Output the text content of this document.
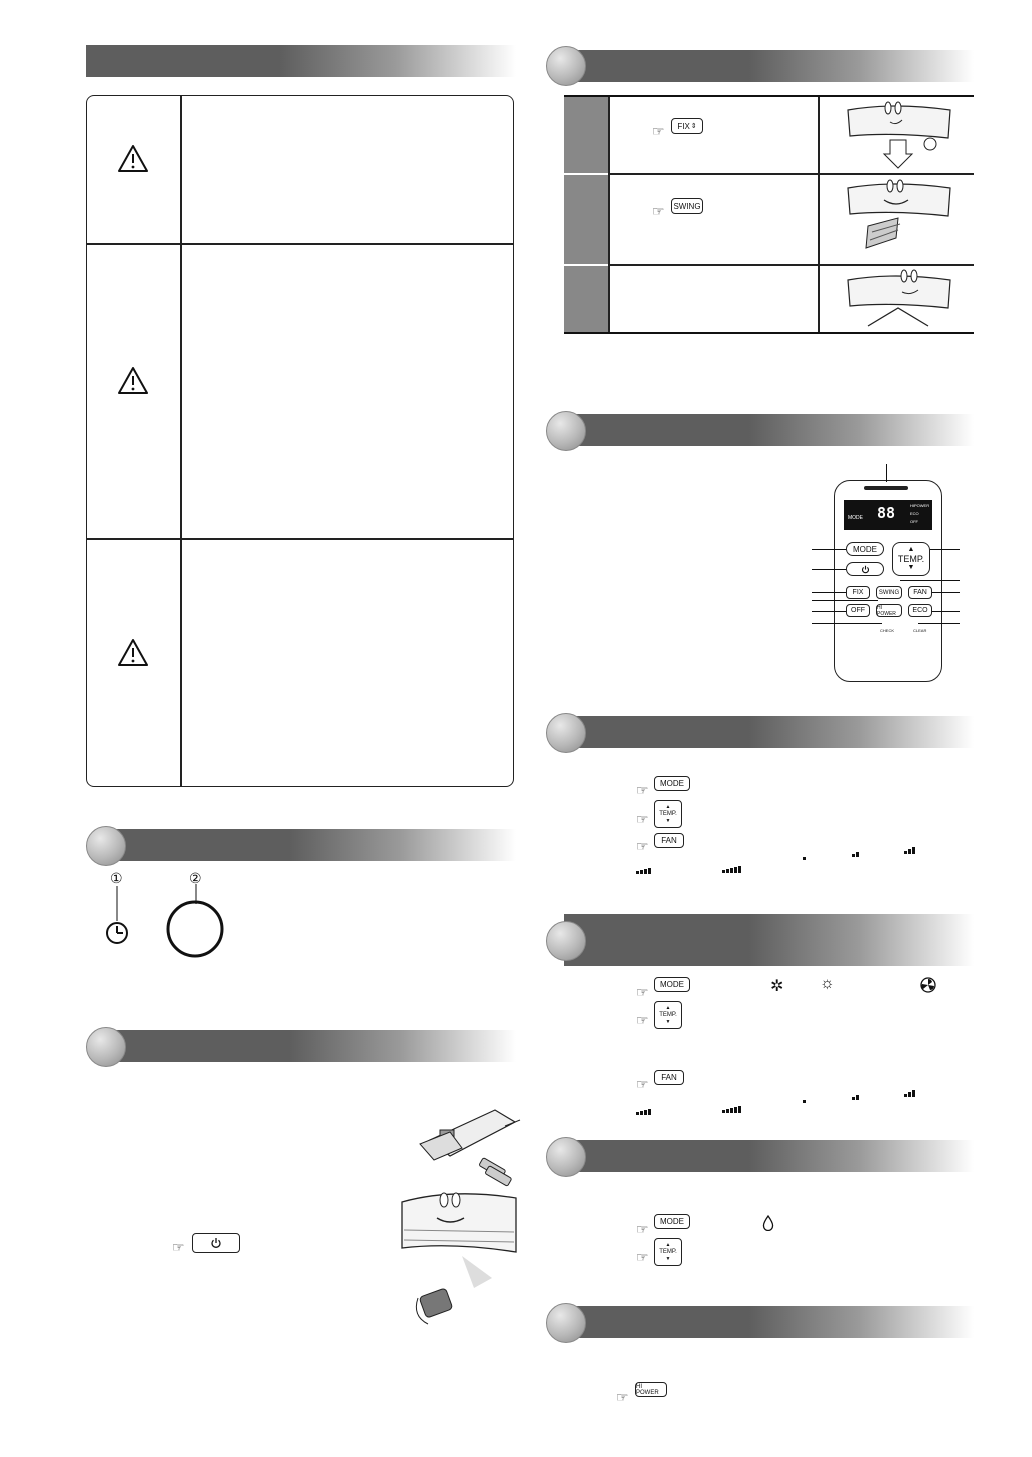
①	②
☞
☞ FIX ⇕
☞ SWING
MODE 88	HIPOWER
ECO
OFF
MODE	▲
TEMP.
▼
FIX	SWING FAN
OFF HI POWER	ECO
CHECK	CLEAR
☞ MODE
☞
▲
TEMP.
▼
☞ FAN
☞ MODE	✲ ☼
☞
▲
TEMP.
▼
☞ FAN
☞ MODE
☞
▲
TEMP.
▼
☞
HI POWER
